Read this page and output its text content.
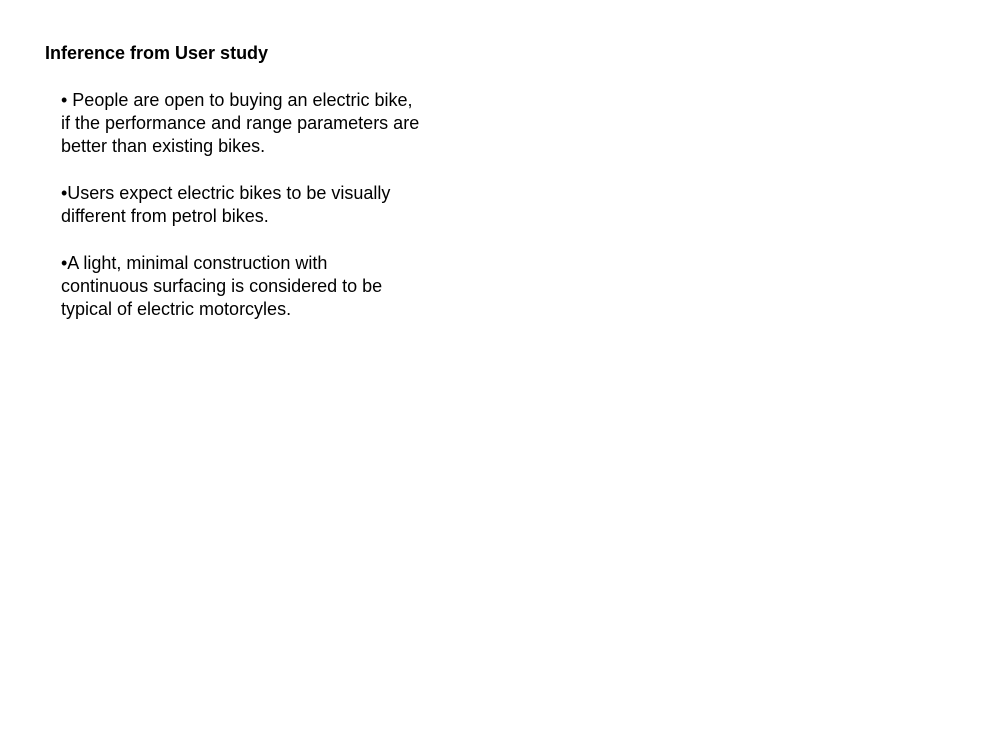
Inference from User study
• People are open to buying an electric bike,
if the performance and range parameters are
better than existing bikes.
•Users expect electric bikes to be visually
different from petrol bikes.
•A light, minimal construction with
continuous surfacing is considered to be
typical of electric motorcyles.
